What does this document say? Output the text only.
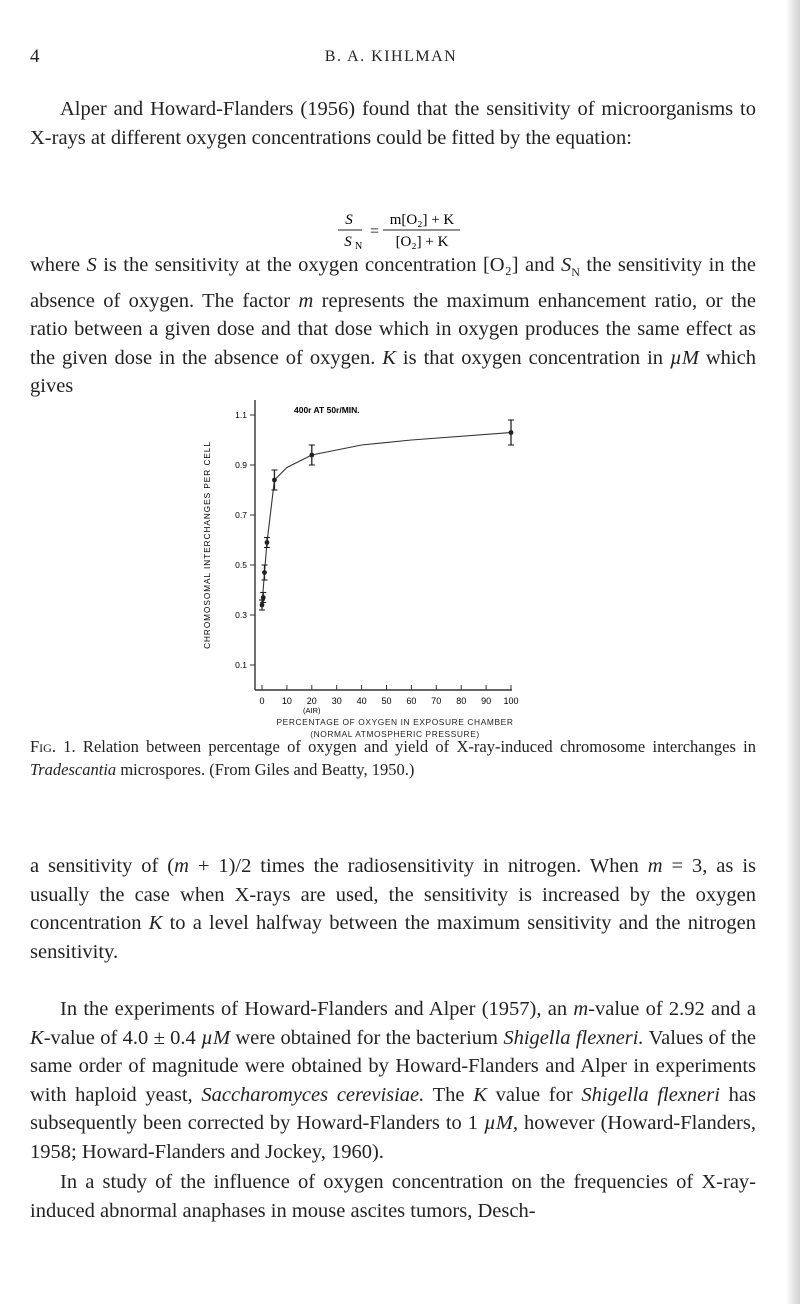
4	B. A. KIHLMAN

Alper and Howard-Flanders (1956) found that the sensitivity of microorganisms to X-rays at different oxygen concentrations could be fitted by the equation:

S
S N
=
m[O₂] + K
[O₂] + K

where S is the sensitivity at the oxygen concentration [O₂] and $S_N$ the sensitivity in the absence of oxygen. The factor m represents the maximum enhancement ratio, or the ratio between a given dose and that dose which in oxygen produces the same effect as the given dose in the absence of oxygen. K is that oxygen concentration in µM which gives

400r AT 50r/MIN.
0.1
0.3
0.5
0.7
0.9
1.1
0 10 20 30 40 50 60 70 80 90 100
CHROMOSOMAL INTERCHANGES PER CELL
(AIR)
PERCENTAGE OF OXYGEN IN EXPOSURE CHAMBER (NORMAL ATMOSPHERIC PRESSURE)

Fig. 1. Relation between percentage of oxygen and yield of X-ray-induced chromosome interchanges in Tradescantia microspores. (From Giles and Beatty, 1950.)

a sensitivity of (m + 1)/2 times the radiosensitivity in nitrogen. When m = 3, as is usually the case when X-rays are used, the sensitivity is increased by the oxygen concentration K to a level halfway between the maximum sensitivity and the nitrogen sensitivity.

In the experiments of Howard-Flanders and Alper (1957), an m-value of 2.92 and a K-value of 4.0 ± 0.4 µM were obtained for the bacterium Shigella flexneri. Values of the same order of magnitude were obtained by Howard-Flanders and Alper in experiments with haploid yeast, Saccharomyces cerevisiae. The K value for Shigella flexneri has subsequently been corrected by Howard-Flanders to 1 µM, however (Howard-Flanders, 1958; Howard-Flanders and Jockey, 1960).

In a study of the influence of oxygen concentration on the frequencies of X-ray-induced abnormal anaphases in mouse ascites tumors, Desch-
